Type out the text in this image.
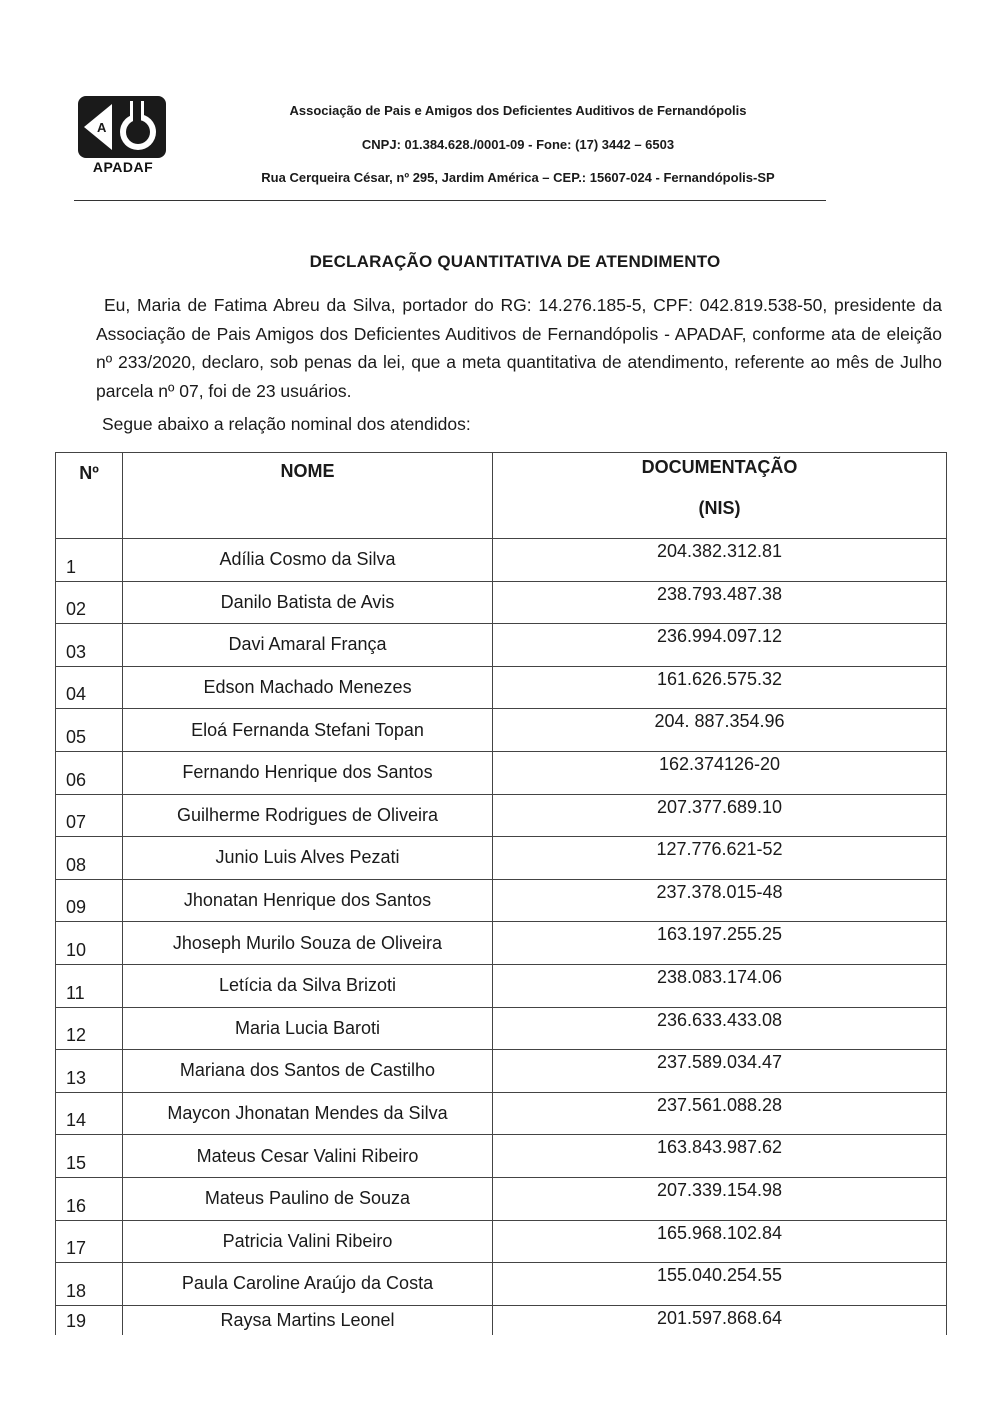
A
APADAF
Associação de Pais e Amigos dos Deficientes Auditivos de Fernandópolis
CNPJ: 01.384.628./0001-09 - Fone: (17) 3442 – 6503
Rua Cerqueira César, nº 295, Jardim América – CEP.: 15607-024 - Fernandópolis-SP
DECLARAÇÃO QUANTITATIVA DE ATENDIMENTO
Eu, Maria de Fatima Abreu da Silva, portador do RG: 14.276.185-5, CPF: 042.819.538-50, presidente da Associação de Pais Amigos dos Deficientes Auditivos de Fernandópolis - APADAF, conforme ata de eleição nº 233/2020, declaro, sob penas da lei, que a meta quantitativa de atendimento, referente ao mês de Julho parcela nº 07, foi de 23 usuários.
Segue abaixo a relação nominal dos atendidos:
Nº	NOME	DOCUMENTAÇÃO
(NIS)

1	Adília Cosmo da Silva	204.382.312.81
02	Danilo Batista de Avis	238.793.487.38
03	Davi Amaral França	236.994.097.12
04	Edson Machado Menezes	161.626.575.32
05	Eloá Fernanda Stefani Topan	204. 887.354.96
06	Fernando Henrique dos Santos	162.374126-20
07	Guilherme Rodrigues de Oliveira	207.377.689.10
08	Junio Luis Alves Pezati	127.776.621-52
09	Jhonatan Henrique dos Santos	237.378.015-48
10	Jhoseph Murilo Souza de Oliveira	163.197.255.25
11	Letícia da Silva Brizoti	238.083.174.06
12	Maria Lucia Baroti	236.633.433.08
13	Mariana dos Santos de Castilho	237.589.034.47
14	Maycon Jhonatan Mendes da Silva	237.561.088.28
15	Mateus Cesar Valini Ribeiro	163.843.987.62
16	Mateus Paulino de Souza	207.339.154.98
17	Patricia Valini Ribeiro	165.968.102.84
18	Paula Caroline Araújo da Costa	155.040.254.55
19	Raysa Martins Leonel	201.597.868.64
